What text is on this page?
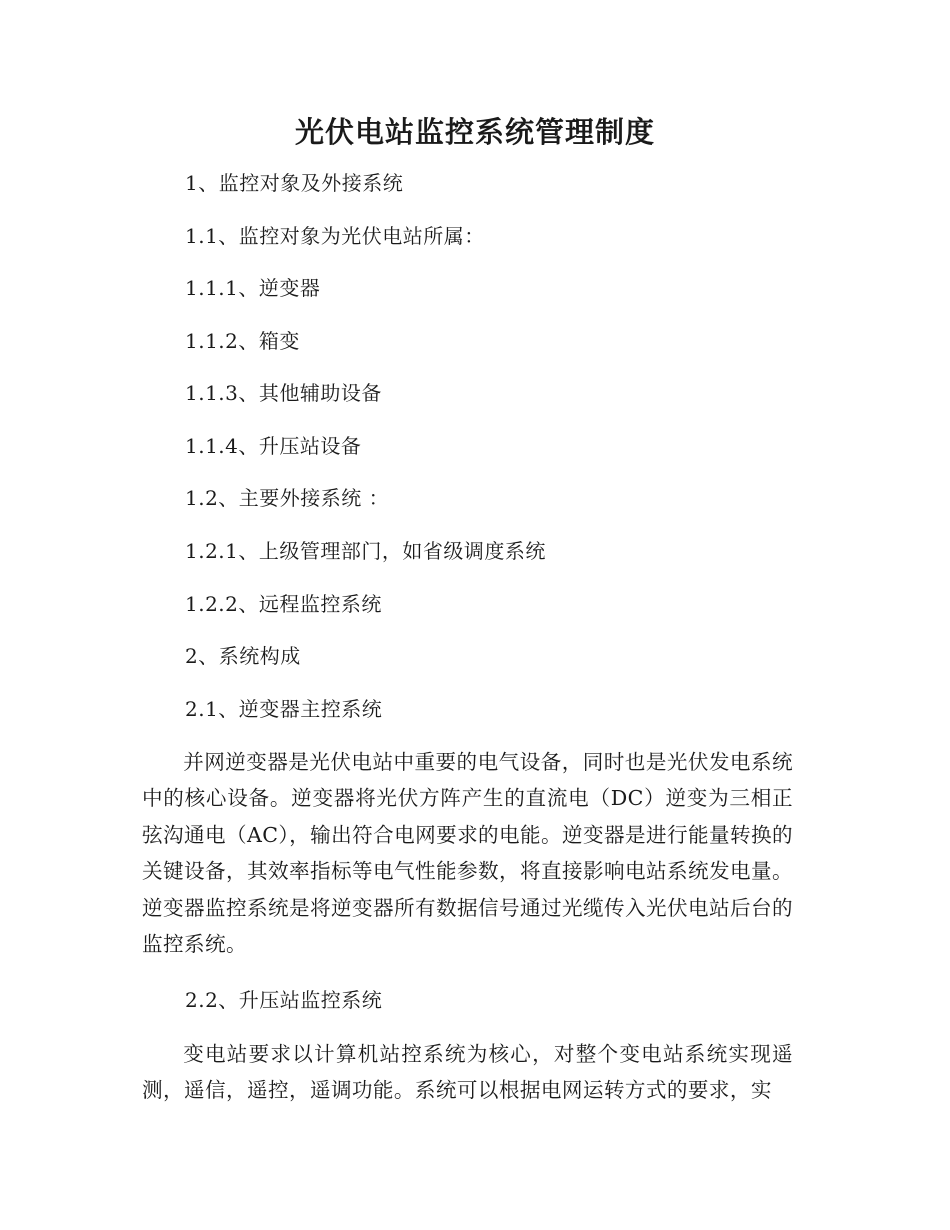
光伏电站监控系统管理制度

1、监控对象及外接系统

1.1、监控对象为光伏电站所属：

1.1.1、逆变器

1.1.2、箱变

1.1.3、其他辅助设备

1.1.4、升压站设备

1.2、主要外接系统 ：

1.2.1、上级管理部门，如省级调度系统

1.2.2、远程监控系统

2、系统构成

2.1、逆变器主控系统

并网逆变器是光伏电站中重要的电气设备，同时也是光伏发电系统中的核心设备。逆变器将光伏方阵产生的直流电（DC）逆变为三相正弦沟通电（AC），输出符合电网要求的电能。逆变器是进行能量转换的关键设备，其效率指标等电气性能参数，将直接影响电站系统发电量。逆变器监控系统是将逆变器所有数据信号通过光缆传入光伏电站后台的监控系统。

2.2、升压站监控系统

变电站要求以计算机站控系统为核心，对整个变电站系统实现遥测，遥信，遥控，遥调功能。系统可以根据电网运转方式的要求，实
